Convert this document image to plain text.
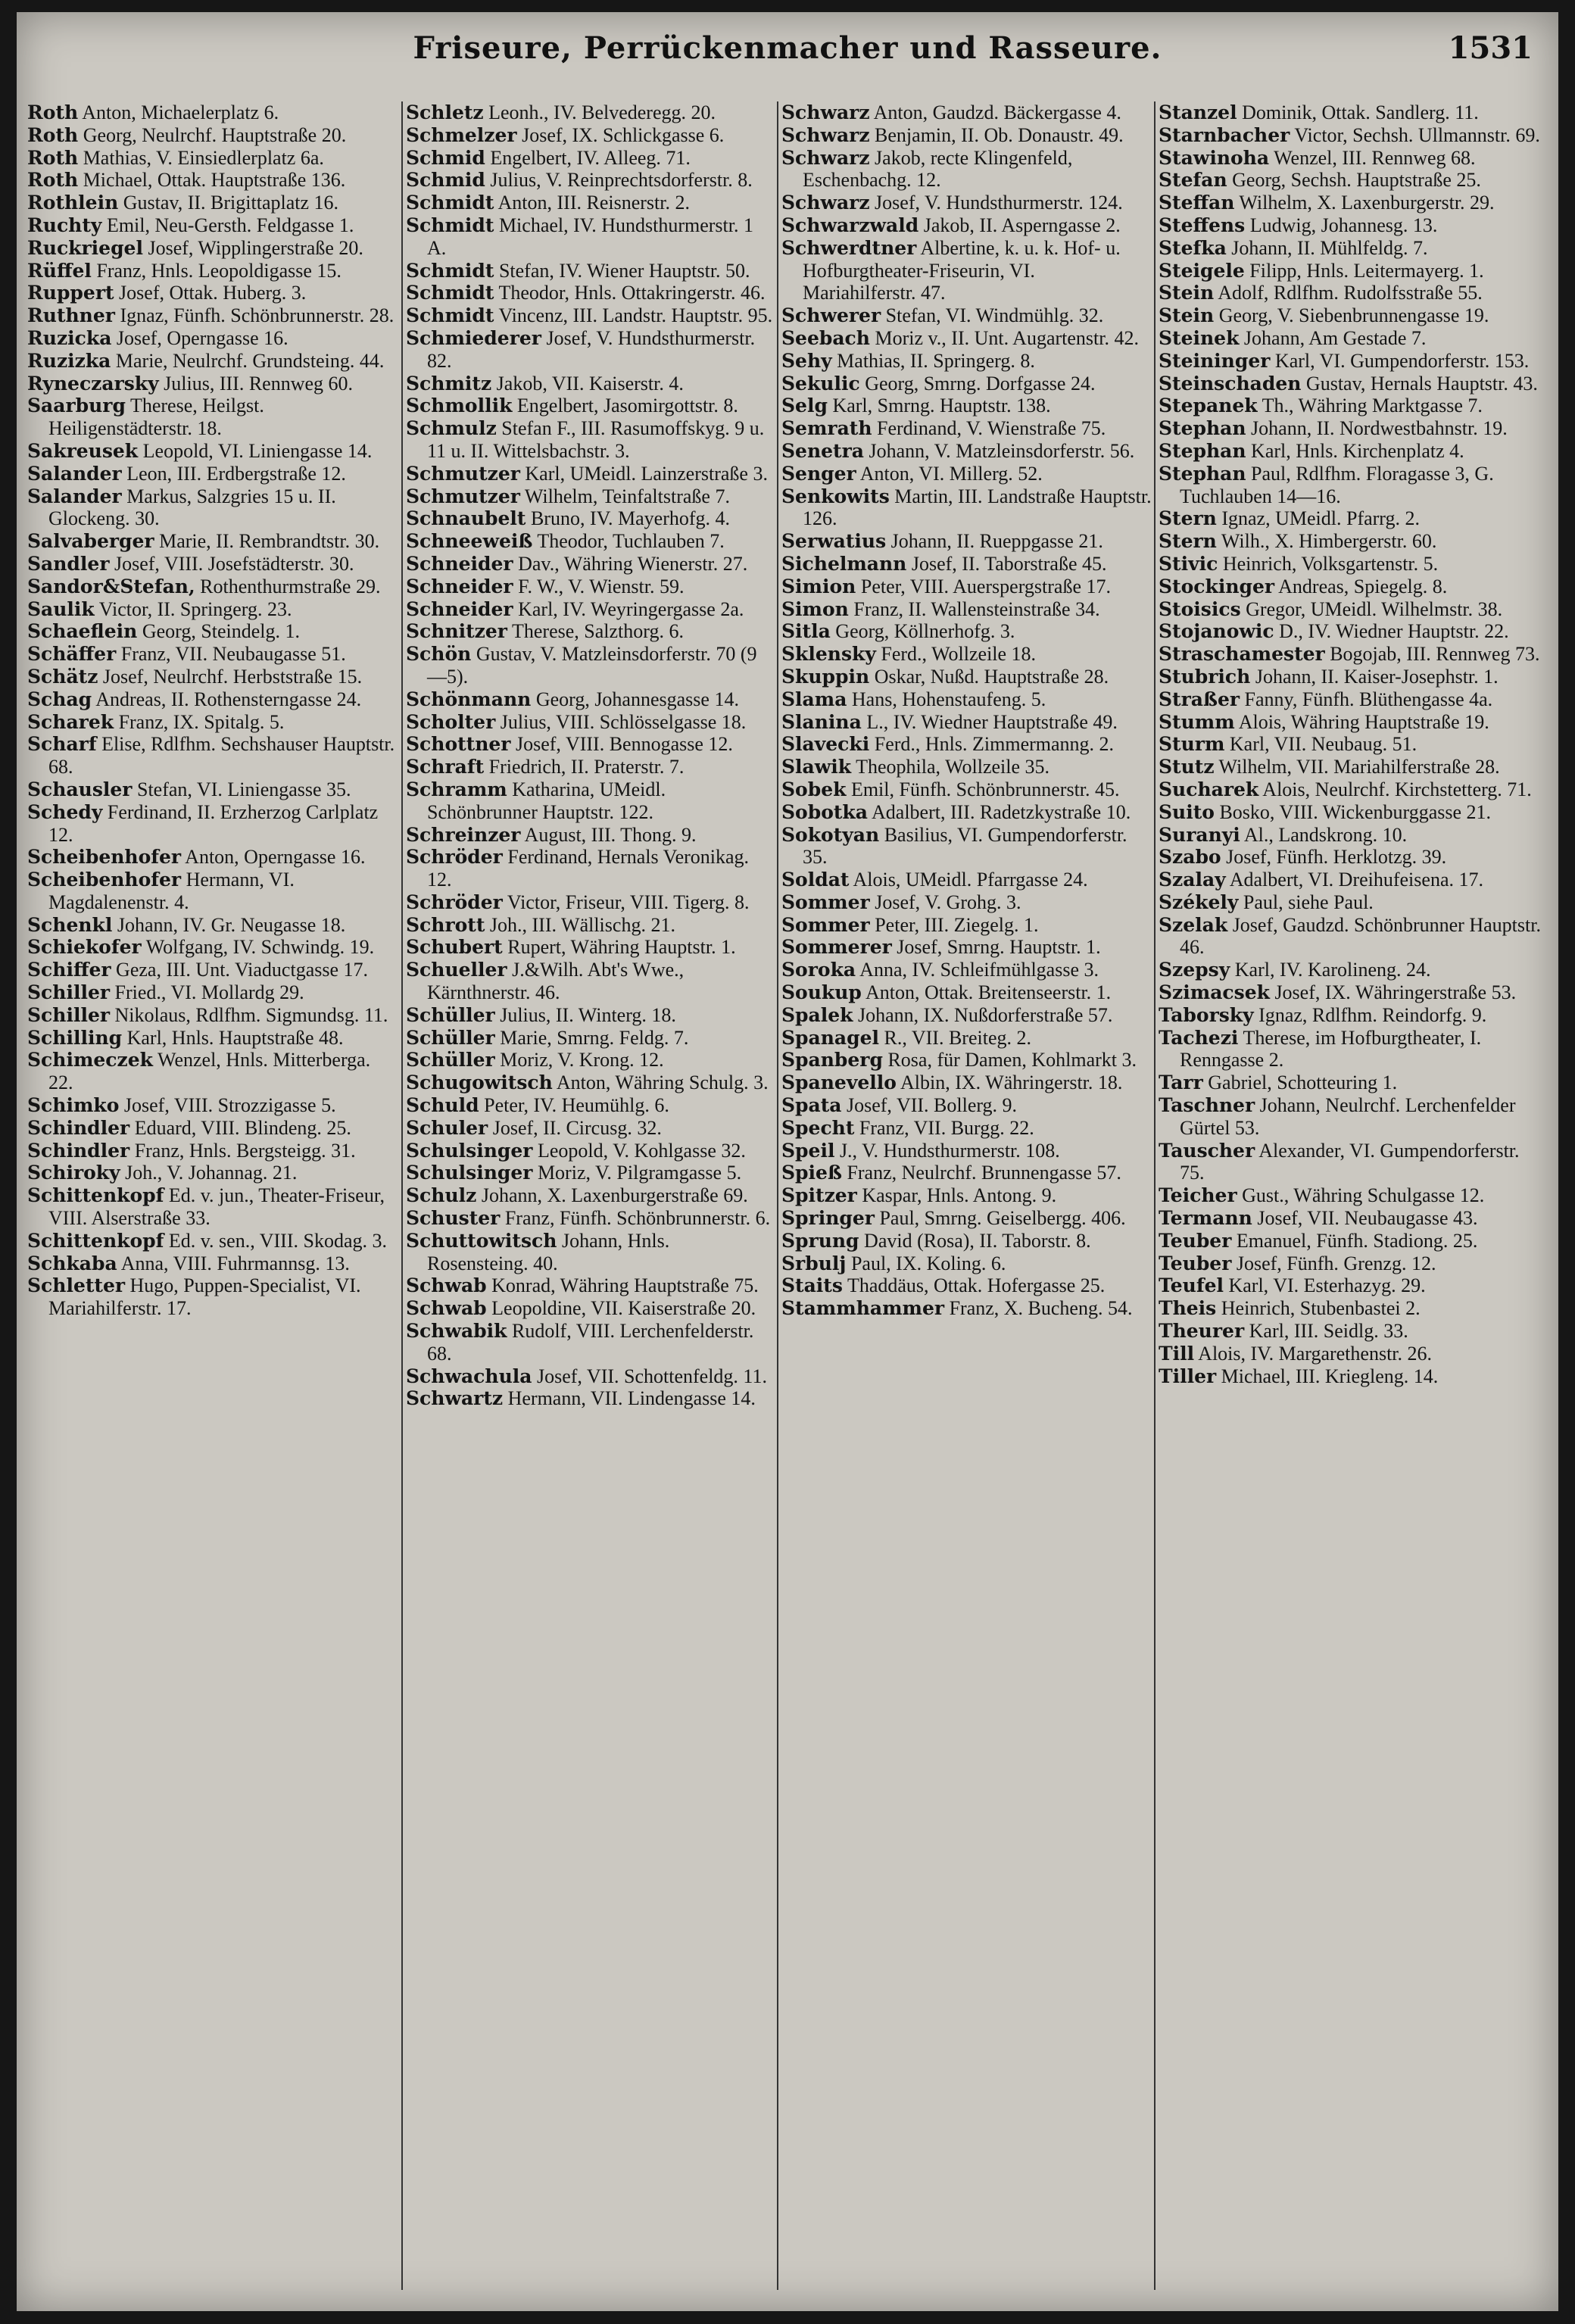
Friseure, Perrückenmacher und Rasseure.	1531
Roth Anton, Michaelerplatz 6.
Roth Georg, Neulrchf. Hauptstraße 20.
Roth Mathias, V. Einsiedlerplatz 6a.
Roth Michael, Ottak. Hauptstraße 136.
Rothlein Gustav, II. Brigittaplatz 16.
Ruchty Emil, Neu-Gersth. Feldgasse 1.
Ruckriegel Josef, Wipplingerstraße 20.
Rüffel Franz, Hnls. Leopoldigasse 15.
Ruppert Josef, Ottak. Huberg. 3.
Ruthner Ignaz, Fünfh. Schönbrunnerstr. 28.
Ruzicka Josef, Operngasse 16.
Ruzizka Marie, Neulrchf. Grundsteing. 44.
Ryneczarsky Julius, III. Rennweg 60.
Saarburg Therese, Heilgst. Heiligenstädterstr. 18.
Sakreusek Leopold, VI. Liniengasse 14.
Salander Leon, III. Erdbergstraße 12.
Salander Markus, Salzgries 15 u. II. Glockeng. 30.
Salvaberger Marie, II. Rembrandtstr. 30.
Sandler Josef, VIII. Josefstädterstr. 30.
Sandor&Stefan, Rothenthurmstraße 29.
Saulik Victor, II. Springerg. 23.
Schaeflein Georg, Steindelg. 1.
Schäffer Franz, VII. Neubaugasse 51.
Schätz Josef, Neulrchf. Herbststraße 15.
Schag Andreas, II. Rothensterngasse 24.
Scharek Franz, IX. Spitalg. 5.
Scharf Elise, Rdlfhm. Sechshauser Hauptstr. 68.
Schausler Stefan, VI. Liniengasse 35.
Schedy Ferdinand, II. Erzherzog Carlplatz 12.
Scheibenhofer Anton, Operngasse 16.
Scheibenhofer Hermann, VI. Magdalenenstr. 4.
Schenkl Johann, IV. Gr. Neugasse 18.
Schiekofer Wolfgang, IV. Schwindg. 19.
Schiffer Geza, III. Unt. Viaductgasse 17.
Schiller Fried., VI. Mollardg 29.
Schiller Nikolaus, Rdlfhm. Sigmundsg. 11.
Schilling Karl, Hnls. Hauptstraße 48.
Schimeczek Wenzel, Hnls. Mitterberga. 22.
Schimko Josef, VIII. Strozzigasse 5.
Schindler Eduard, VIII. Blindeng. 25.
Schindler Franz, Hnls. Bergsteigg. 31.
Schiroky Joh., V. Johannag. 21.
Schittenkopf Ed. v. jun., Theater-Friseur, VIII. Alserstraße 33.
Schittenkopf Ed. v. sen., VIII. Skodag. 3.
Schkaba Anna, VIII. Fuhrmannsg. 13.
Schletter Hugo, Puppen-Specialist, VI. Mariahilferstr. 17.
Schletz Leonh., IV. Belvederegg. 20.
Schmelzer Josef, IX. Schlickgasse 6.
Schmid Engelbert, IV. Alleeg. 71.
Schmid Julius, V. Reinprechtsdorferstr. 8.
Schmidt Anton, III. Reisnerstr. 2.
Schmidt Michael, IV. Hundsthurmerstr. 1 A.
Schmidt Stefan, IV. Wiener Hauptstr. 50.
Schmidt Theodor, Hnls. Ottakringerstr. 46.
Schmidt Vincenz, III. Landstr. Hauptstr. 95.
Schmiederer Josef, V. Hundsthurmerstr. 82.
Schmitz Jakob, VII. Kaiserstr. 4.
Schmollik Engelbert, Jasomirgottstr. 8.
Schmulz Stefan F., III. Rasumoffskyg. 9 u. 11 u. II. Wittelsbachstr. 3.
Schmutzer Karl, UMeidl. Lainzerstraße 3.
Schmutzer Wilhelm, Teinfaltstraße 7.
Schnaubelt Bruno, IV. Mayerhofg. 4.
Schneeweiß Theodor, Tuchlauben 7.
Schneider Dav., Währing Wienerstr. 27.
Schneider F. W., V. Wienstr. 59.
Schneider Karl, IV. Weyringergasse 2a.
Schnitzer Therese, Salzthorg. 6.
Schön Gustav, V. Matzleinsdorferstr. 70 (9—5).
Schönmann Georg, Johannesgasse 14.
Scholter Julius, VIII. Schlösselgasse 18.
Schottner Josef, VIII. Bennogasse 12.
Schraft Friedrich, II. Praterstr. 7.
Schramm Katharina, UMeidl. Schönbrunner Hauptstr. 122.
Schreinzer August, III. Thong. 9.
Schröder Ferdinand, Hernals Veronikag. 12.
Schröder Victor, Friseur, VIII. Tigerg. 8.
Schrott Joh., III. Wällischg. 21.
Schubert Rupert, Währing Hauptstr. 1.
Schueller J.&Wilh. Abt's Wwe., Kärnthnerstr. 46.
Schüller Julius, II. Winterg. 18.
Schüller Marie, Smrng. Feldg. 7.
Schüller Moriz, V. Krong. 12.
Schugowitsch Anton, Währing Schulg. 3.
Schuld Peter, IV. Heumühlg. 6.
Schuler Josef, II. Circusg. 32.
Schulsinger Leopold, V. Kohlgasse 32.
Schulsinger Moriz, V. Pilgramgasse 5.
Schulz Johann, X. Laxenburgerstraße 69.
Schuster Franz, Fünfh. Schönbrunnerstr. 6.
Schuttowitsch Johann, Hnls. Rosensteing. 40.
Schwab Konrad, Währing Hauptstraße 75.
Schwab Leopoldine, VII. Kaiserstraße 20.
Schwabik Rudolf, VIII. Lerchenfelderstr. 68.
Schwachula Josef, VII. Schottenfeldg. 11.
Schwartz Hermann, VII. Lindengasse 14.
Schwarz Anton, Gaudzd. Bäckergasse 4.
Schwarz Benjamin, II. Ob. Donaustr. 49.
Schwarz Jakob, recte Klingenfeld, Eschenbachg. 12.
Schwarz Josef, V. Hundsthurmerstr. 124.
Schwarzwald Jakob, II. Asperngasse 2.
Schwerdtner Albertine, k. u. k. Hof- u. Hofburgtheater-Friseurin, VI. Mariahilferstr. 47.
Schwerer Stefan, VI. Windmühlg. 32.
Seebach Moriz v., II. Unt. Augartenstr. 42.
Sehy Mathias, II. Springerg. 8.
Sekulic Georg, Smrng. Dorfgasse 24.
Selg Karl, Smrng. Hauptstr. 138.
Semrath Ferdinand, V. Wienstraße 75.
Senetra Johann, V. Matzleinsdorferstr. 56.
Senger Anton, VI. Millerg. 52.
Senkowits Martin, III. Landstraße Hauptstr. 126.
Serwatius Johann, II. Rueppgasse 21.
Sichelmann Josef, II. Taborstraße 45.
Simion Peter, VIII. Auerspergstraße 17.
Simon Franz, II. Wallensteinstraße 34.
Sitla Georg, Köllnerhofg. 3.
Sklensky Ferd., Wollzeile 18.
Skuppin Oskar, Nußd. Hauptstraße 28.
Slama Hans, Hohenstaufeng. 5.
Slanina L., IV. Wiedner Hauptstraße 49.
Slavecki Ferd., Hnls. Zimmermanng. 2.
Slawik Theophila, Wollzeile 35.
Sobek Emil, Fünfh. Schönbrunnerstr. 45.
Sobotka Adalbert, III. Radetzkystraße 10.
Sokotyan Basilius, VI. Gumpendorferstr. 35.
Soldat Alois, UMeidl. Pfarrgasse 24.
Sommer Josef, V. Grohg. 3.
Sommer Peter, III. Ziegelg. 1.
Sommerer Josef, Smrng. Hauptstr. 1.
Soroka Anna, IV. Schleifmühlgasse 3.
Soukup Anton, Ottak. Breitenseerstr. 1.
Spalek Johann, IX. Nußdorferstraße 57.
Spanagel R., VII. Breiteg. 2.
Spanberg Rosa, für Damen, Kohlmarkt 3.
Spanevello Albin, IX. Währingerstr. 18.
Spata Josef, VII. Bollerg. 9.
Specht Franz, VII. Burgg. 22.
Speil J., V. Hundsthurmerstr. 108.
Spieß Franz, Neulrchf. Brunnengasse 57.
Spitzer Kaspar, Hnls. Antong. 9.
Springer Paul, Smrng. Geiselbergg. 406.
Sprung David (Rosa), II. Taborstr. 8.
Srbulj Paul, IX. Koling. 6.
Staits Thaddäus, Ottak. Hofergasse 25.
Stammhammer Franz, X. Bucheng. 54.
Stanzel Dominik, Ottak. Sandlerg. 11.
Starnbacher Victor, Sechsh. Ullmannstr. 69.
Stawinoha Wenzel, III. Rennweg 68.
Stefan Georg, Sechsh. Hauptstraße 25.
Steffan Wilhelm, X. Laxenburgerstr. 29.
Steffens Ludwig, Johannesg. 13.
Stefka Johann, II. Mühlfeldg. 7.
Steigele Filipp, Hnls. Leitermayerg. 1.
Stein Adolf, Rdlfhm. Rudolfsstraße 55.
Stein Georg, V. Siebenbrunnengasse 19.
Steinek Johann, Am Gestade 7.
Steininger Karl, VI. Gumpendorferstr. 153.
Steinschaden Gustav, Hernals Hauptstr. 43.
Stepanek Th., Währing Marktgasse 7.
Stephan Johann, II. Nordwestbahnstr. 19.
Stephan Karl, Hnls. Kirchenplatz 4.
Stephan Paul, Rdlfhm. Floragasse 3, G. Tuchlauben 14—16.
Stern Ignaz, UMeidl. Pfarrg. 2.
Stern Wilh., X. Himbergerstr. 60.
Stivic Heinrich, Volksgartenstr. 5.
Stockinger Andreas, Spiegelg. 8.
Stoisics Gregor, UMeidl. Wilhelmstr. 38.
Stojanowic D., IV. Wiedner Hauptstr. 22.
Straschamester Bogojab, III. Rennweg 73.
Stubrich Johann, II. Kaiser-Josephstr. 1.
Straßer Fanny, Fünfh. Blüthengasse 4a.
Stumm Alois, Währing Hauptstraße 19.
Sturm Karl, VII. Neubaug. 51.
Stutz Wilhelm, VII. Mariahilferstraße 28.
Sucharek Alois, Neulrchf. Kirchstetterg. 71.
Suito Bosko, VIII. Wickenburggasse 21.
Suranyi Al., Landskrong. 10.
Szabo Josef, Fünfh. Herklotzg. 39.
Szalay Adalbert, VI. Dreihufeisena. 17.
Székely Paul, siehe Paul.
Szelak Josef, Gaudzd. Schönbrunner Hauptstr. 46.
Szepsy Karl, IV. Karolineng. 24.
Szimacsek Josef, IX. Währingerstraße 53.
Taborsky Ignaz, Rdlfhm. Reindorfg. 9.
Tachezi Therese, im Hofburgtheater, I. Renngasse 2.
Tarr Gabriel, Schotteuring 1.
Taschner Johann, Neulrchf. Lerchenfelder Gürtel 53.
Tauscher Alexander, VI. Gumpendorferstr. 75.
Teicher Gust., Währing Schulgasse 12.
Termann Josef, VII. Neubaugasse 43.
Teuber Emanuel, Fünfh. Stadiong. 25.
Teuber Josef, Fünfh. Grenzg. 12.
Teufel Karl, VI. Esterhazyg. 29.
Theis Heinrich, Stubenbastei 2.
Theurer Karl, III. Seidlg. 33.
Till Alois, IV. Margarethenstr. 26.
Tiller Michael, III. Kriegleng. 14.
